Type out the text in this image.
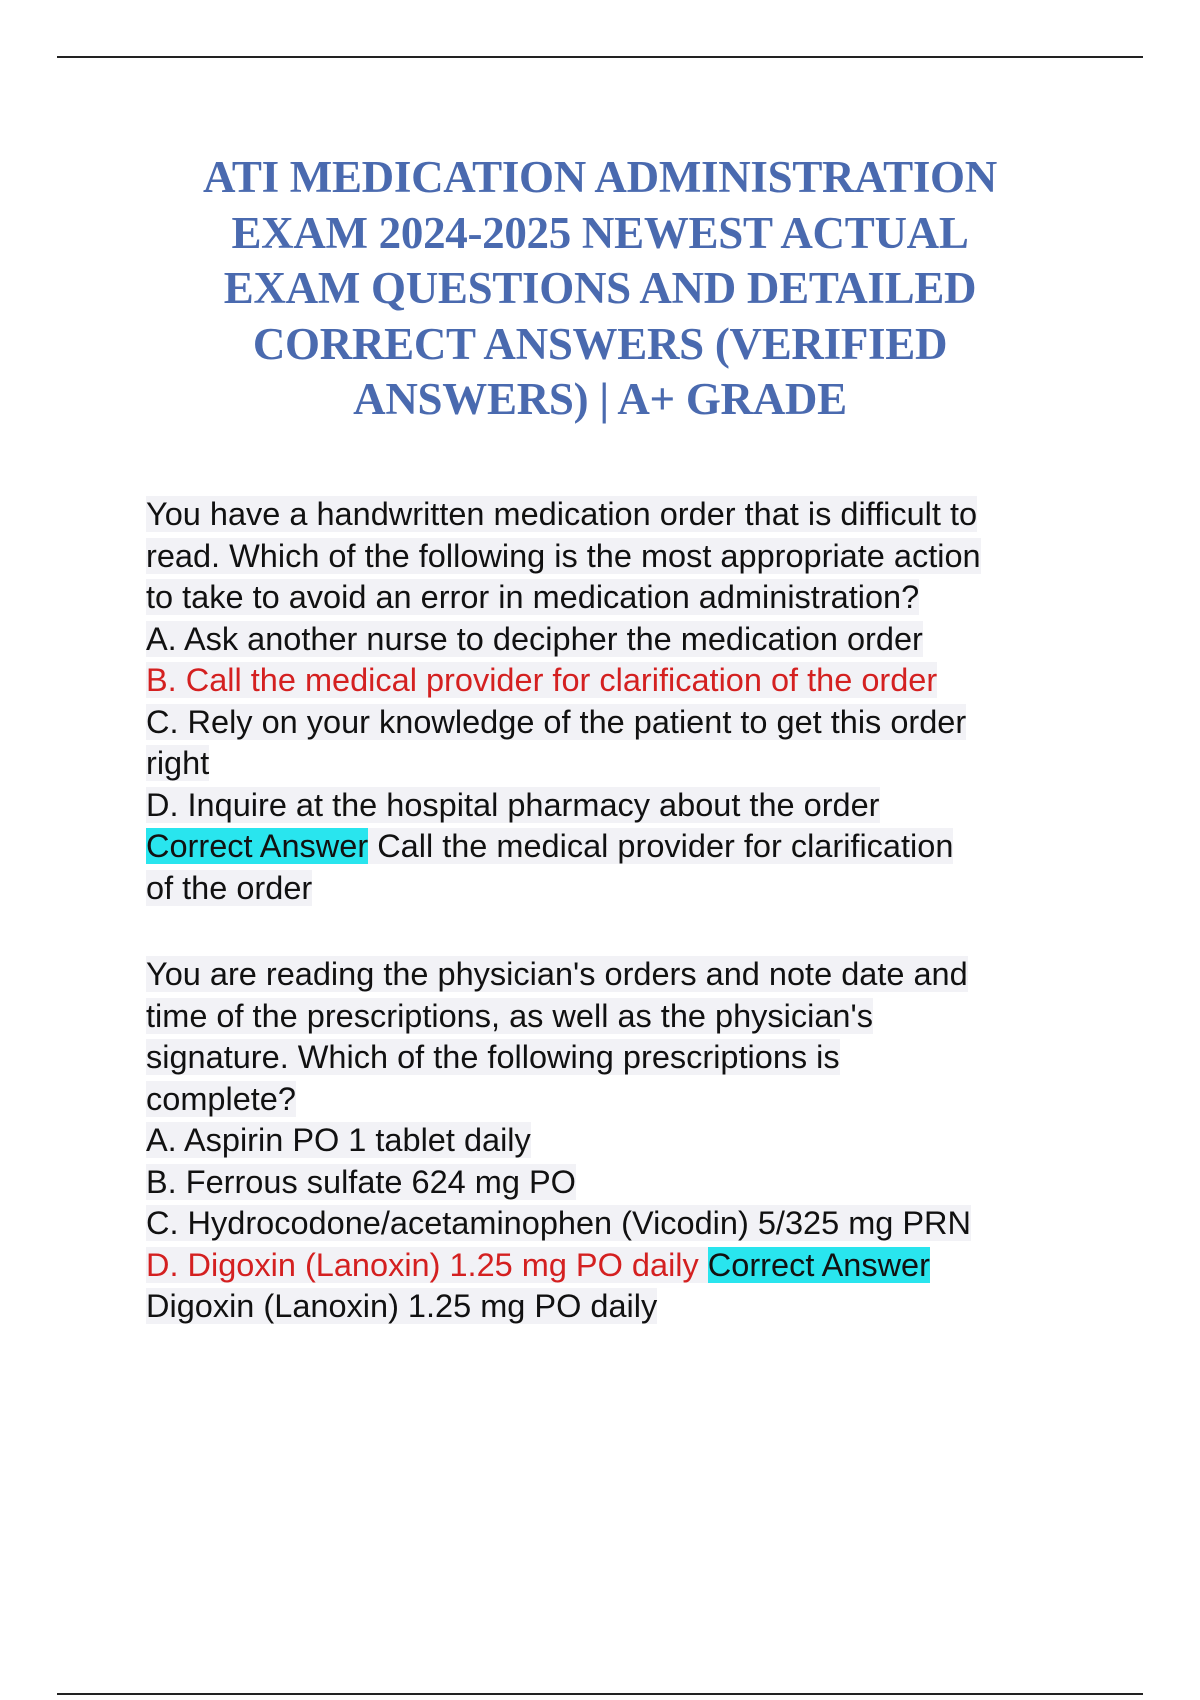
ATI MEDICATION ADMINISTRATION
EXAM 2024-2025 NEWEST ACTUAL
EXAM QUESTIONS AND DETAILED
CORRECT ANSWERS (VERIFIED
ANSWERS) | A+ GRADE
You have a handwritten medication order that is difficult to
read. Which of the following is the most appropriate action
to take to avoid an error in medication administration?
A. Ask another nurse to decipher the medication order
B. Call the medical provider for clarification of the order
C. Rely on your knowledge of the patient to get this order
right
D. Inquire at the hospital pharmacy about the order
Correct Answer Call the medical provider for clarification
of the order
You are reading the physician's orders and note date and
time of the prescriptions, as well as the physician's
signature. Which of the following prescriptions is
complete?
A. Aspirin PO 1 tablet daily
B. Ferrous sulfate 624 mg PO
C. Hydrocodone/acetaminophen (Vicodin) 5/325 mg PRN
D. Digoxin (Lanoxin) 1.25 mg PO daily Correct Answer
Digoxin (Lanoxin) 1.25 mg PO daily
